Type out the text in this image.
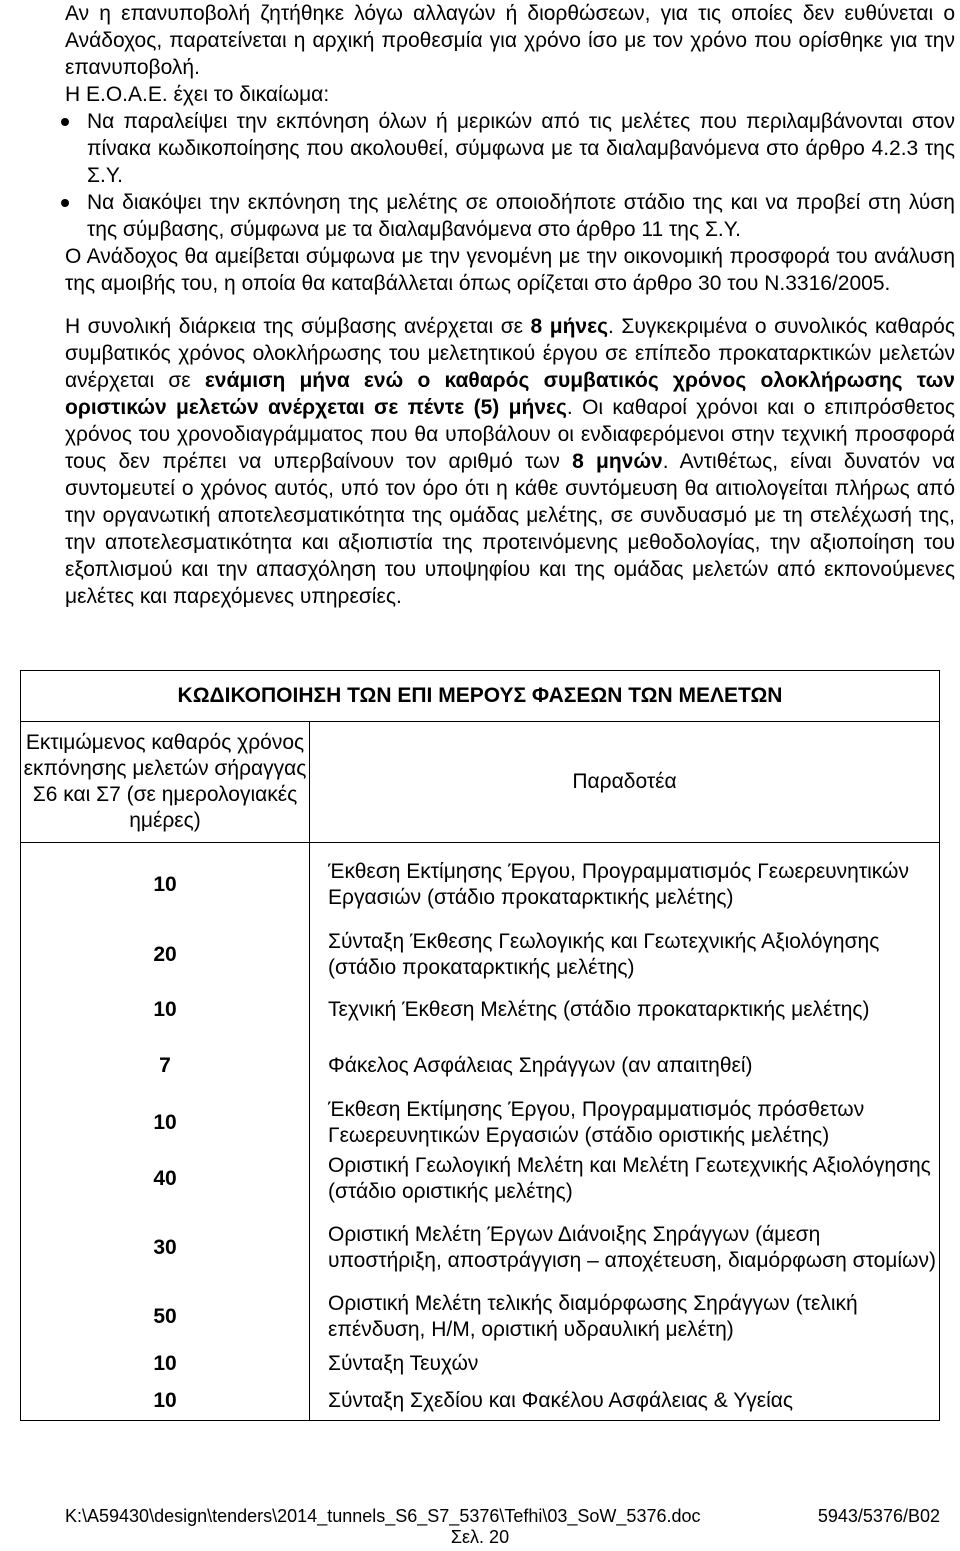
Αν η επανυποβολή ζητήθηκε λόγω αλλαγών ή διορθώσεων, για τις οποίες δεν ευθύνεται ο Ανάδοχος, παρατείνεται η αρχική προθεσμία για χρόνο ίσο με τον χρόνο που ορίσθηκε για την επανυποβολή.

Η Ε.Ο.Α.Ε. έχει το δικαίωμα:

Να παραλείψει την εκπόνηση όλων ή μερικών από τις μελέτες που περιλαμβάνονται στον πίνακα κωδικοποίησης που ακολουθεί, σύμφωνα με τα διαλαμβανόμενα στο άρθρο 4.2.3 της Σ.Υ.
Να διακόψει την εκπόνηση της μελέτης σε οποιοδήποτε στάδιο της και να προβεί στη λύση της σύμβασης, σύμφωνα με τα διαλαμβανόμενα στο άρθρο 11 της Σ.Υ.

Ο Ανάδοχος θα αμείβεται σύμφωνα με την γενομένη με την οικονομική προσφορά του ανάλυση της αμοιβής του, η οποία θα καταβάλλεται όπως ορίζεται στο άρθρο 30 του Ν.3316/2005.

Η συνολική διάρκεια της σύμβασης ανέρχεται σε 8 μήνες. Συγκεκριμένα ο συνολικός καθαρός συμβατικός χρόνος ολοκλήρωσης του μελετητικού έργου σε επίπεδο προκαταρκτικών μελετών ανέρχεται σε ενάμιση μήνα ενώ ο καθαρός συμβατικός χρόνος ολοκλήρωσης των οριστικών μελετών ανέρχεται σε πέντε (5) μήνες. Οι καθαροί χρόνοι και ο επιπρόσθετος χρόνος του χρονοδιαγράμματος που θα υποβάλουν οι ενδιαφερόμενοι στην τεχνική προσφορά τους δεν πρέπει να υπερβαίνουν τον αριθμό των 8 μηνών. Αντιθέτως, είναι δυνατόν να συντομευτεί ο χρόνος αυτός, υπό τον όρο ότι η κάθε συντόμευση θα αιτιολογείται πλήρως από την οργανωτική αποτελεσματικότητα της ομάδας μελέτης, σε συνδυασμό με τη στελέχωσή της, την αποτελεσματικότητα και αξιοπιστία της προτεινόμενης μεθοδολογίας, την αξιοποίηση του εξοπλισμού και την απασχόληση του υποψηφίου και της ομάδας μελετών από εκπονούμενες μελέτες και παρεχόμενες υπηρεσίες.

ΚΩΔΙΚΟΠΟΙΗΣΗ ΤΩΝ ΕΠΙ ΜΕΡΟΥΣ ΦΑΣΕΩΝ ΤΩΝ ΜΕΛΕΤΩΝ	
Εκτιμώμενος καθαρός χρόνος εκπόνησης μελετών σήραγγας Σ6 και Σ7 (σε ημερολογιακές ημέρες)	Παραδοτέα
10	Έκθεση Εκτίμησης Έργου, Προγραμματισμός Γεωερευνητικών Εργασιών (στάδιο προκαταρκτικής μελέτης)
20	Σύνταξη Έκθεσης Γεωλογικής και Γεωτεχνικής Αξιολόγησης (στάδιο προκαταρκτικής μελέτης)
10	Τεχνική Έκθεση Μελέτης (στάδιο προκαταρκτικής μελέτης)
7	Φάκελος Ασφάλειας Σηράγγων (αν απαιτηθεί)
10	Έκθεση Εκτίμησης Έργου, Προγραμματισμός πρόσθετων Γεωερευνητικών Εργασιών (στάδιο οριστικής μελέτης)
40	Οριστική Γεωλογική Μελέτη και Μελέτη Γεωτεχνικής Αξιολόγησης (στάδιο οριστικής μελέτης)
30	Οριστική Μελέτη Έργων Διάνοιξης Σηράγγων (άμεση υποστήριξη, αποστράγγιση – αποχέτευση, διαμόρφωση στομίων)
50	Οριστική Μελέτη τελικής διαμόρφωσης Σηράγγων (τελική επένδυση, Η/Μ, οριστική υδραυλική μελέτη)
10	Σύνταξη Τευχών
10	Σύνταξη Σχεδίου και Φακέλου Ασφάλειας & Υγείας
K:\A59430\design\tenders\2014_tunnels_S6_S7_5376\Tefhi\03_SoW_5376.doc	5943/5376/B02
Σελ. 20
